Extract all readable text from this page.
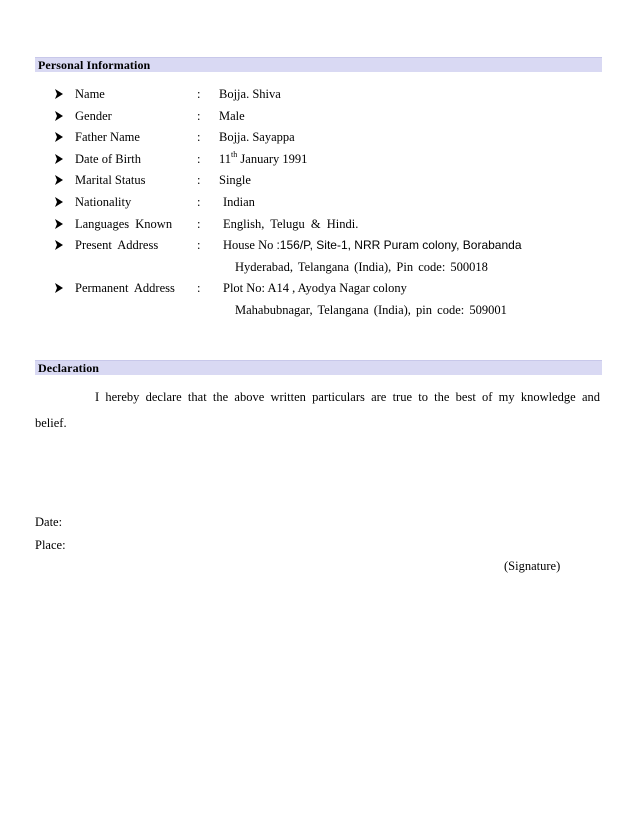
Personal Information
Name	: Bojja. Shiva
Gender	: Male
Father Name	: Bojja. Sayappa
Date of Birth	: 11th January 1991
Marital Status	: Single
Nationality	: Indian
Languages Known : English, Telugu & Hindi.
Present Address	: House No :156/P, Site-1, NRR Puram colony, Borabanda
Hyderabad, Telangana (India), Pin code: 500018
Permanent Address : Plot No: A14 , Ayodya Nagar colony
Mahabubnagar, Telangana (India), pin code: 509001
Declaration
I hereby declare that the above written particulars are true to the best of my knowledge and belief.
Date:
Place:
(Signature)
